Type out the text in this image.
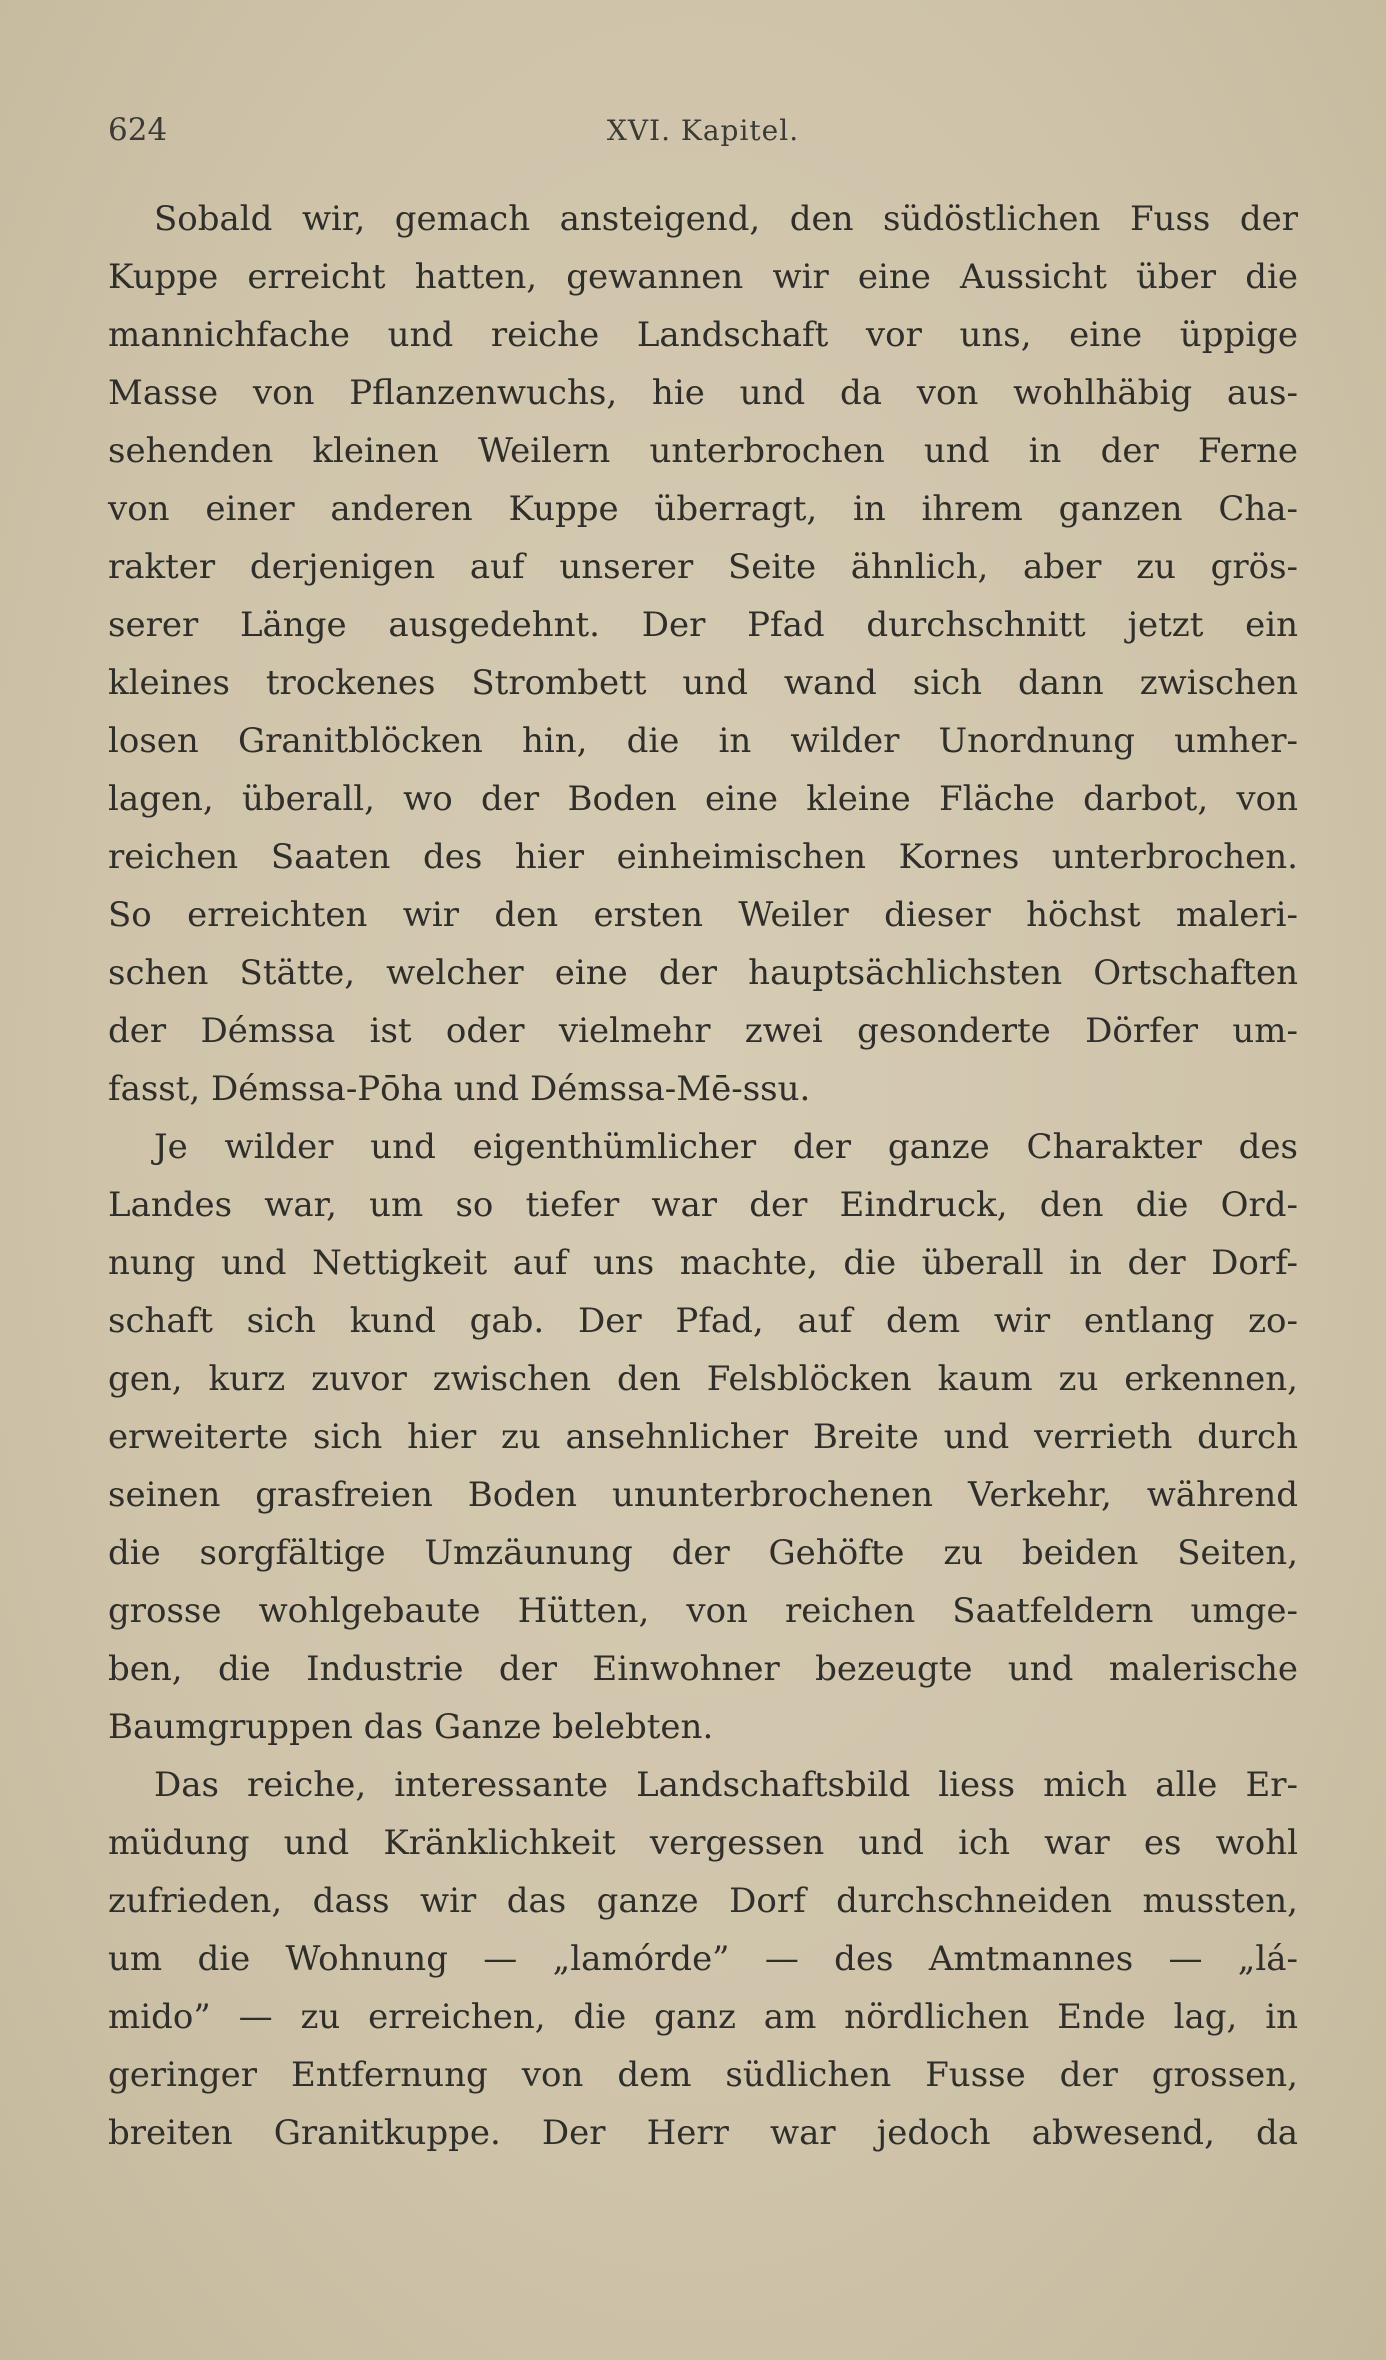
624	XVI. Kapitel.
Sobald wir, gemach ansteigend, den südöstlichen Fuss der
Kuppe erreicht hatten, gewannen wir eine Aussicht über die
mannichfache und reiche Landschaft vor uns, eine üppige
Masse von Pflanzenwuchs, hie und da von wohlhäbig aus-
sehenden kleinen Weilern unterbrochen und in der Ferne
von einer anderen Kuppe überragt, in ihrem ganzen Cha-
rakter derjenigen auf unserer Seite ähnlich, aber zu grös-
serer Länge ausgedehnt. Der Pfad durchschnitt jetzt ein
kleines trockenes Strombett und wand sich dann zwischen
losen Granitblöcken hin, die in wilder Unordnung umher-
lagen, überall, wo der Boden eine kleine Fläche darbot, von
reichen Saaten des hier einheimischen Kornes unterbrochen.
So erreichten wir den ersten Weiler dieser höchst maleri-
schen Stätte, welcher eine der hauptsächlichsten Ortschaften
der Démssa ist oder vielmehr zwei gesonderte Dörfer um-
fasst, Démssa-Pōha und Démssa-Mē-ssu.
Je wilder und eigenthümlicher der ganze Charakter des
Landes war, um so tiefer war der Eindruck, den die Ord-
nung und Nettigkeit auf uns machte, die überall in der Dorf-
schaft sich kund gab. Der Pfad, auf dem wir entlang zo-
gen, kurz zuvor zwischen den Felsblöcken kaum zu erkennen,
erweiterte sich hier zu ansehnlicher Breite und verrieth durch
seinen grasfreien Boden ununterbrochenen Verkehr, während
die sorgfältige Umzäunung der Gehöfte zu beiden Seiten,
grosse wohlgebaute Hütten, von reichen Saatfeldern umge-
ben, die Industrie der Einwohner bezeugte und malerische
Baumgruppen das Ganze belebten.
Das reiche, interessante Landschaftsbild liess mich alle Er-
müdung und Kränklichkeit vergessen und ich war es wohl
zufrieden, dass wir das ganze Dorf durchschneiden mussten,
um die Wohnung — „lamórde” — des Amtmannes — „lá-
mido” — zu erreichen, die ganz am nördlichen Ende lag, in
geringer Entfernung von dem südlichen Fusse der grossen,
breiten Granitkuppe. Der Herr war jedoch abwesend, da
